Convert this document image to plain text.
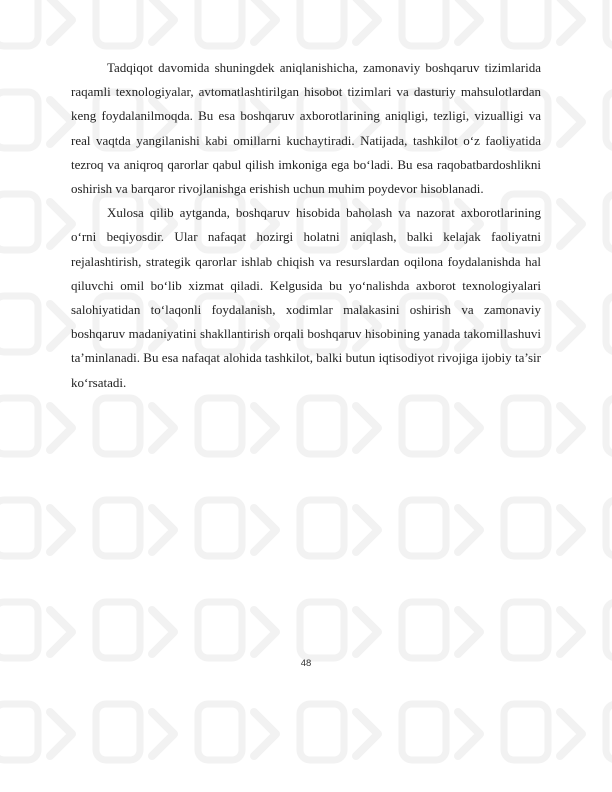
Tadqiqot davomida shuningdek aniqlanishicha, zamonaviy boshqaruv tizimlarida raqamli texnologiyalar, avtomatlashtirilgan hisobot tizimlari va dasturiy mahsulotlardan keng foydalanilmoqda. Bu esa boshqaruv axborotlarining aniqligi, tezligi, vizualligi va real vaqtda yangilanishi kabi omillarni kuchaytiradi. Natijada, tashkilot o‘z faoliyatida tezroq va aniqroq qarorlar qabul qilish imkoniga ega bo‘ladi. Bu esa raqobatbardoshlikni oshirish va barqaror rivojlanishga erishish uchun muhim poydevor hisoblanadi.

Xulosa qilib aytganda, boshqaruv hisobida baholash va nazorat axborotlarining o‘rni beqiyosdir. Ular nafaqat hozirgi holatni aniqlash, balki kelajak faoliyatni rejalashtirish, strategik qarorlar ishlab chiqish va resurslardan oqilona foydalanishda hal qiluvchi omil bo‘lib xizmat qiladi. Kelgusida bu yo‘nalishda axborot texnologiyalari salohiyatidan to‘laqonli foydalanish, xodimlar malakasini oshirish va zamonaviy boshqaruv madaniyatini shakllantirish orqali boshqaruv hisobining yanada takomillashuvi ta’minlanadi. Bu esa nafaqat alohida tashkilot, balki butun iqtisodiyot rivojiga ijobiy ta’sir ko‘rsatadi.

48
